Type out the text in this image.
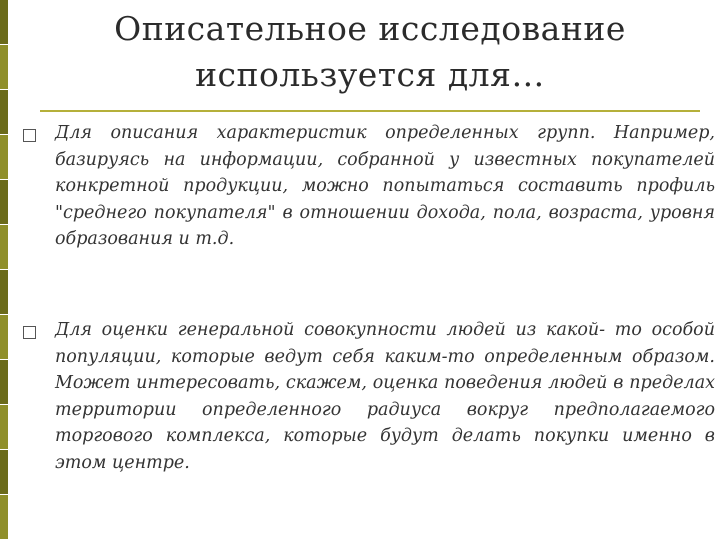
Описательное исследование используется для…
Для описания характеристик определенных групп. Например, базируясь на информации, собранной у известных покупателей конкретной продукции, можно попытаться составить профиль "среднего покупателя" в отношении дохода, пола, возраста, уровня образования и т.д.
Для оценки генеральной совокупности людей из какой- то особой популяции, которые ведут себя каким-то определенным образом. Может интересовать, скажем, оценка поведения людей в пределах территории определенного радиуса вокруг предполагаемого торгового комплекса, которые будут делать покупки именно в этом центре.
